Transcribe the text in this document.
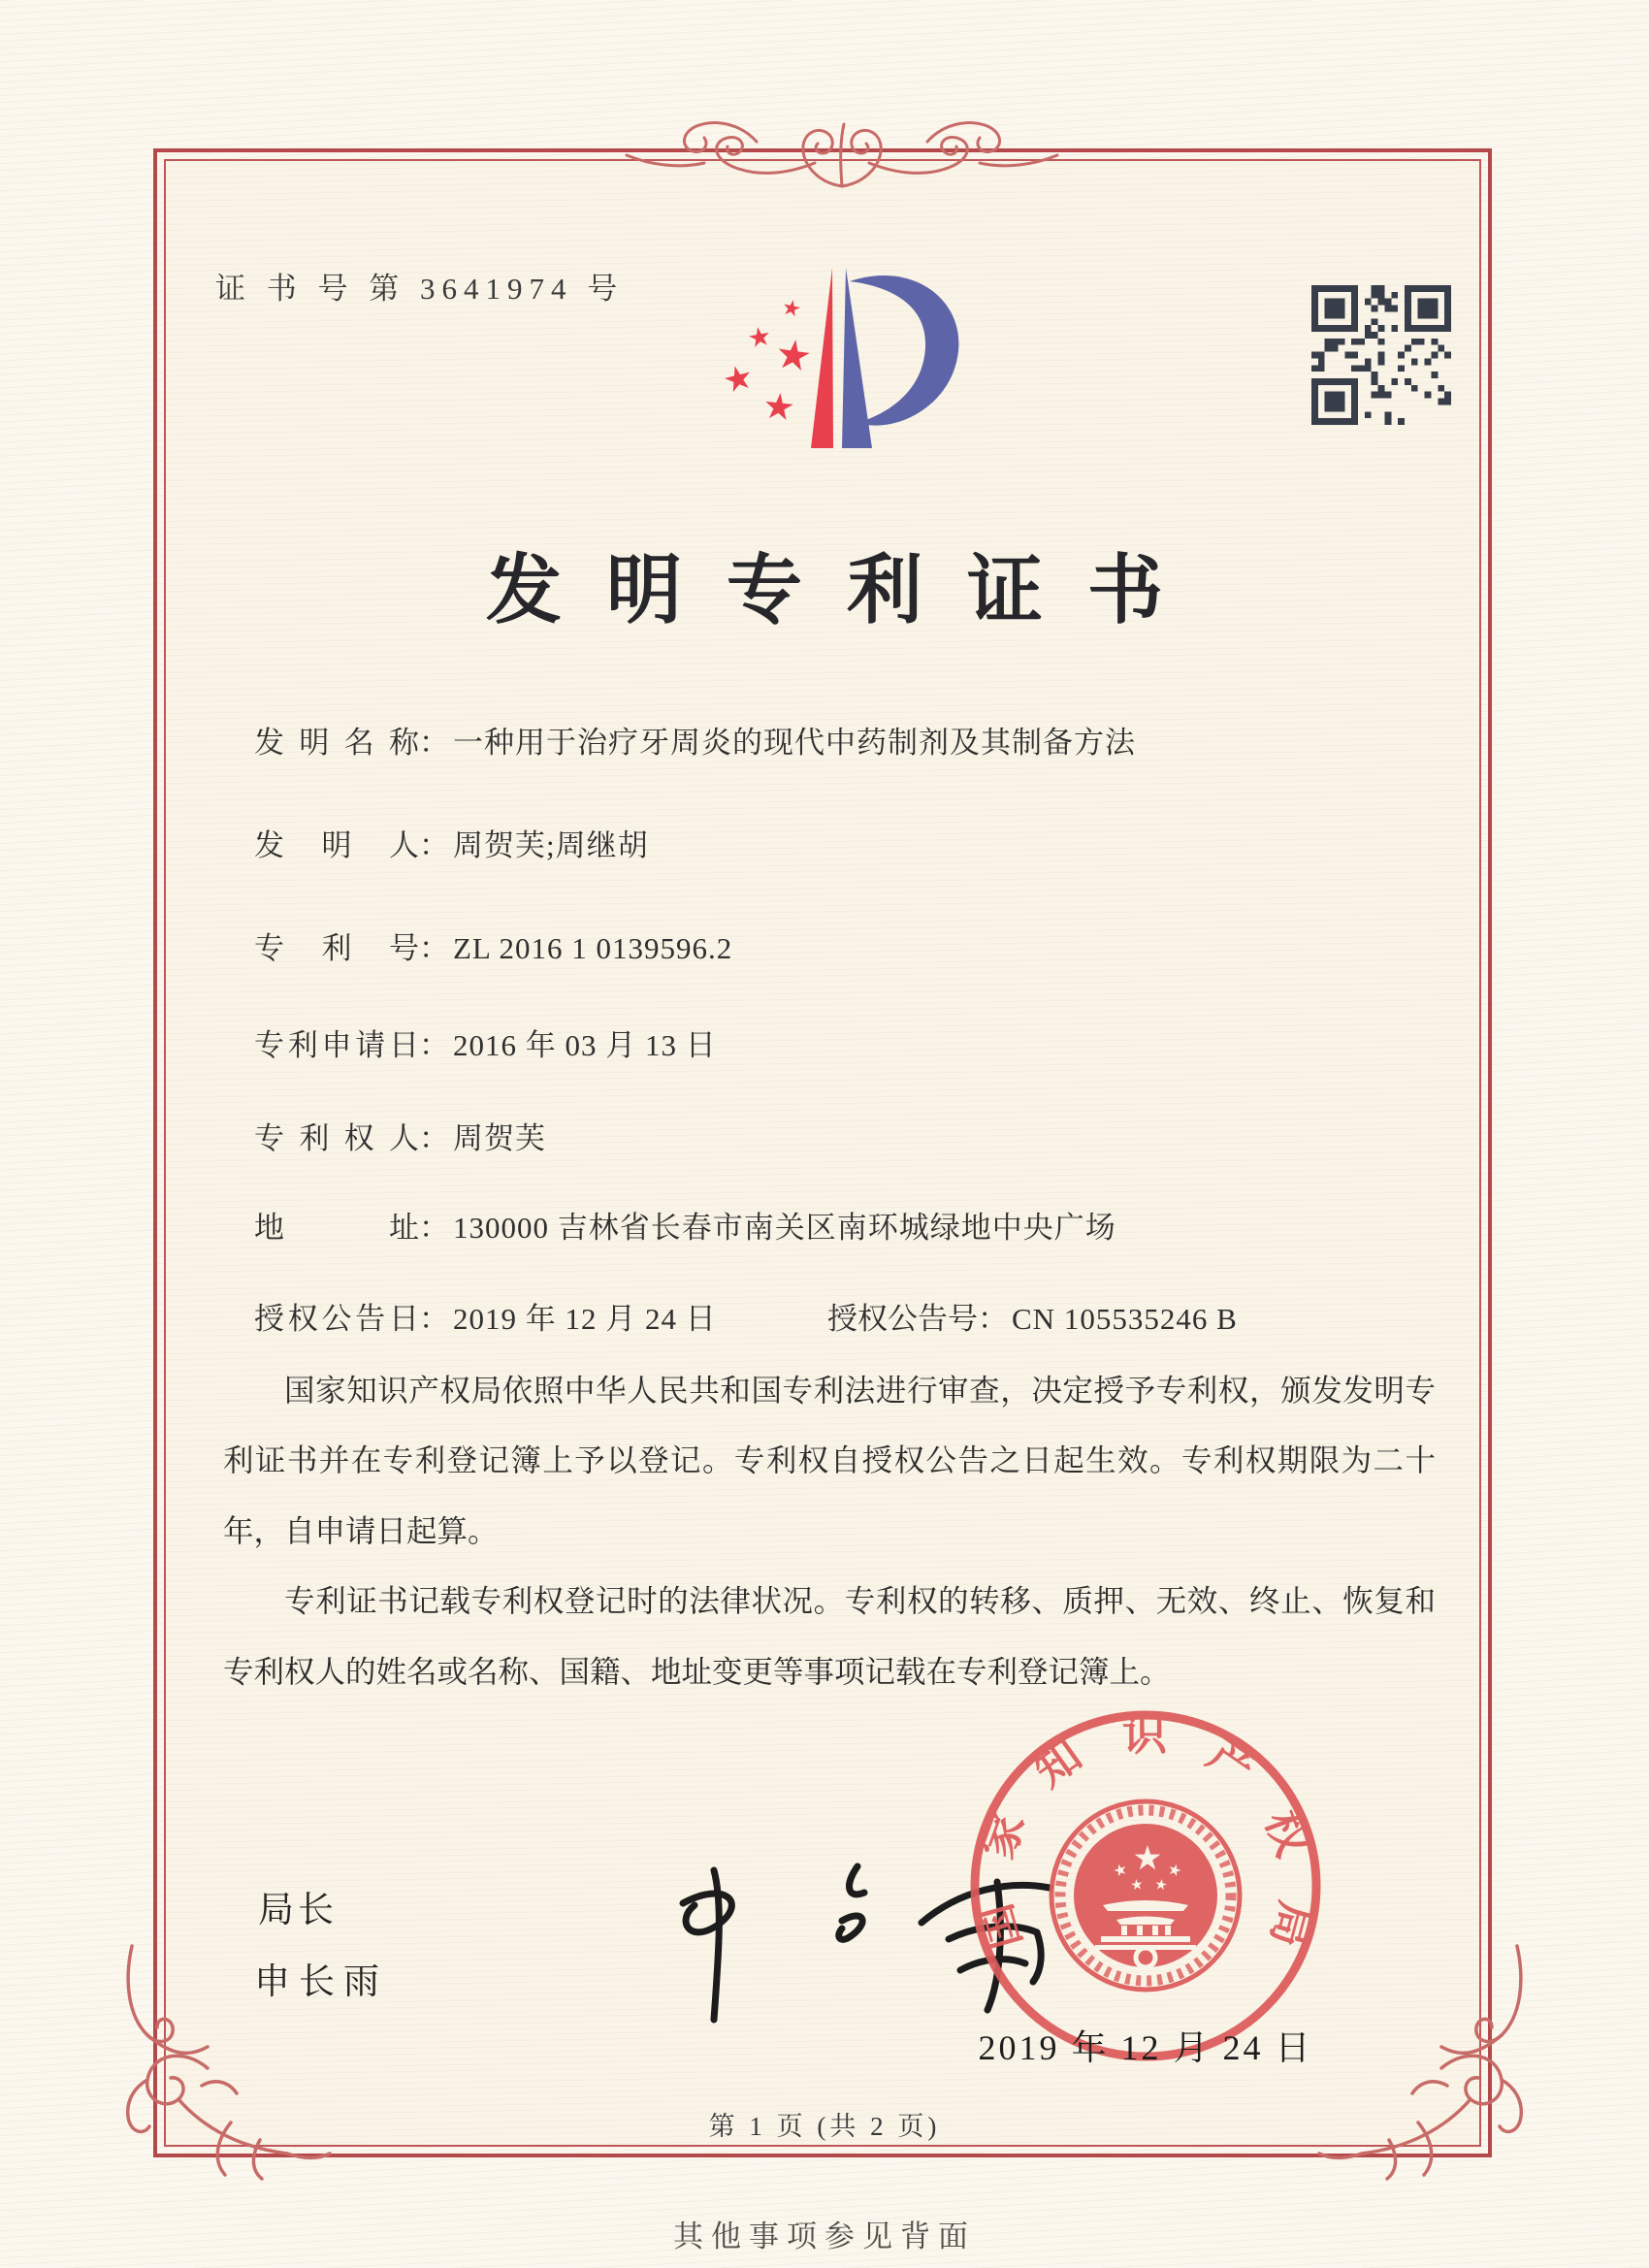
证 书 号 第 3641974 号
发明专利证书
发明名称： 一种用于治疗牙周炎的现代中药制剂及其制备方法
发明人： 周贺芙;周继胡
专利号： ZL 2016 1 0139596.2
专利申请日： 2016 年 03 月 13 日
专利权人： 周贺芙
地址： 130000 吉林省长春市南关区南环城绿地中央广场
授权公告日： 2019 年 12 月 24 日	授权公告号： CN 105535246 B

国家知识产权局依照中华人民共和国专利法进行审查，决定授予专利权，颁发发明专利证书并在专利登记簿上予以登记。专利权自授权公告之日起生效。专利权期限为二十年，自申请日起算。

专利证书记载专利权登记时的法律状况。专利权的转移、质押、无效、终止、恢复和专利权人的姓名或名称、国籍、地址变更等事项记载在专利登记簿上。

局长
申长雨
国家知识产权局
2019 年 12 月 24 日
第 1 页 (共 2 页)
其他事项参见背面
